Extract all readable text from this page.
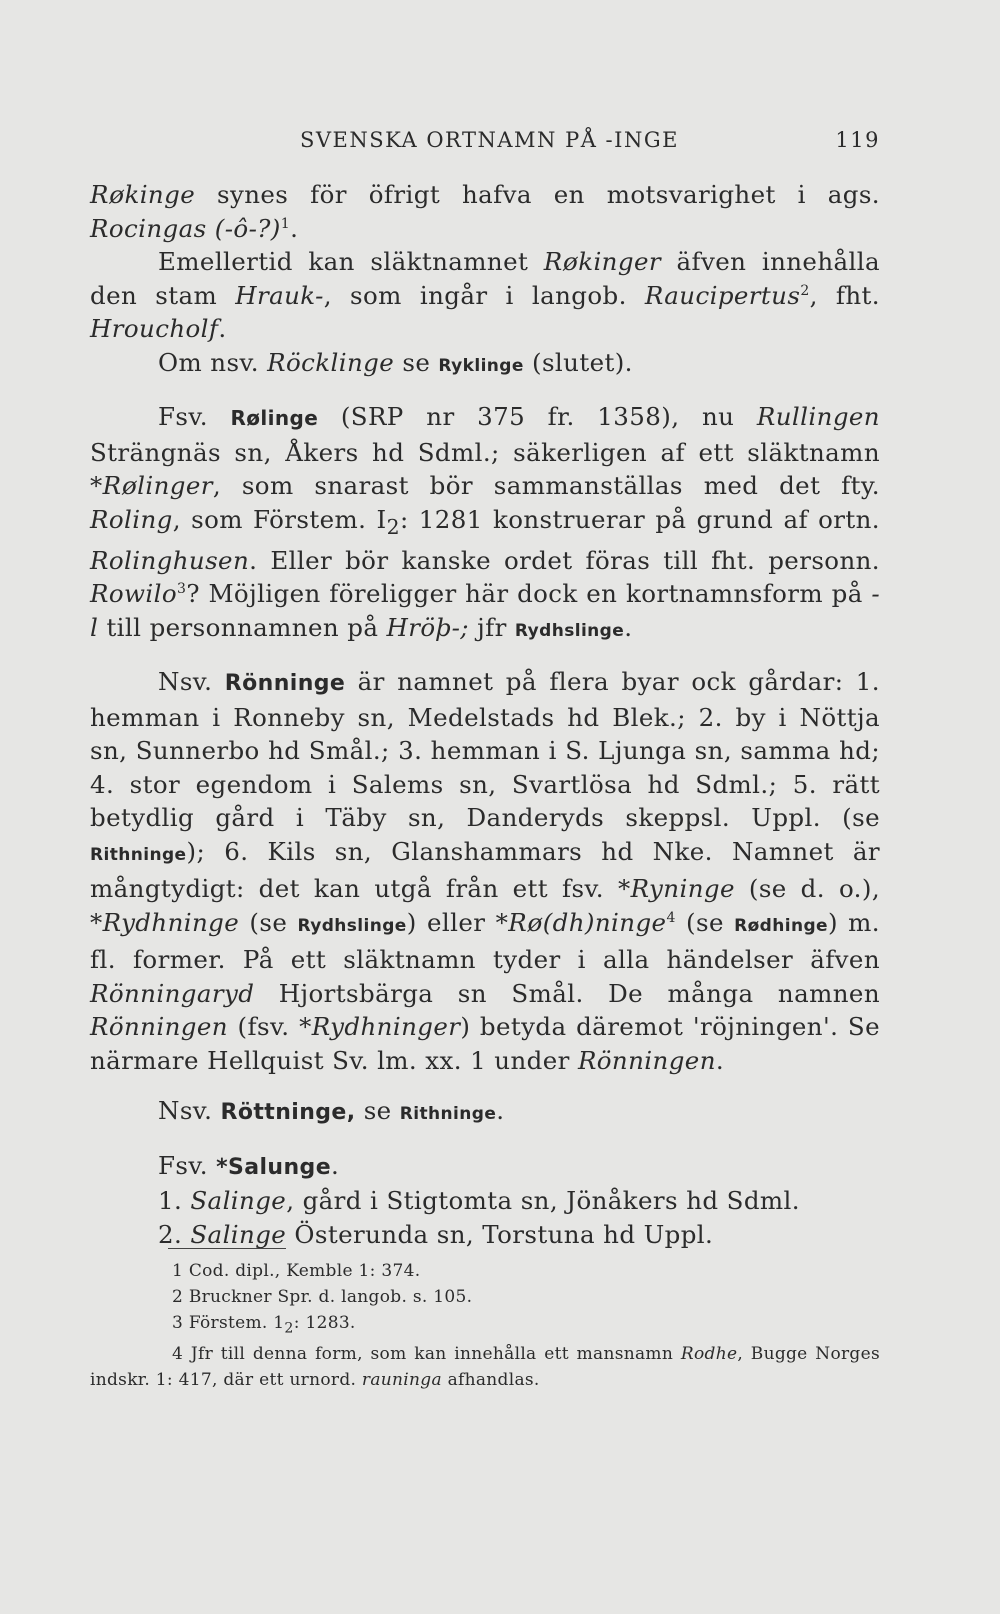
SVENSKA ORTNAMN PÅ -INGE	119

Røkinge synes för öfrigt hafva en motsvarighet i ags. Rocingas (-ô-?)$^1$.

Emellertid kan släktnamnet Røkinger äfven innehålla den stam Hrauk-, som ingår i langob. Raucipertus$^2$, fht. Hroucholf.

Om nsv. Röcklinge se Ryklinge (slutet).

Fsv. Rølinge (SRP nr 375 fr. 1358), nu Rullingen Strängnäs sn, Åkers hd Sdml.; säkerligen af ett släktnamn *Rølinger, som snarast bör sammanställas med det fty. Roling, som Förstem. $I_2$: 1281 konstruerar på grund af ortn. Rolinghusen. Eller bör kanske ordet föras till fht. personn. Rowilo$^3$? Möjligen föreligger här dock en kortnamnsform på -l till personnamnen på Hröþ-; jfr Rydhslinge.

Nsv. Rönninge är namnet på flera byar ock gårdar: 1. hemman i Ronneby sn, Medelstads hd Blek.; 2. by i Nöttja sn, Sunnerbo hd Smål.; 3. hemman i S. Ljunga sn, samma hd; 4. stor egendom i Salems sn, Svartlösa hd Sdml.; 5. rätt betydlig gård i Täby sn, Danderyds skeppsl. Uppl. (se Rithninge); 6. Kils sn, Glanshammars hd Nke. Namnet är mångtydigt: det kan utgå från ett fsv. *Ryninge (se d. o.), *Rydhninge (se Rydhslinge) eller *Rø(dh)ninge$^4$ (se Rødhinge) m. fl. former. På ett släktnamn tyder i alla händelser äfven Rönningaryd Hjortsbärga sn Smål. De många namnen Rönningen (fsv. *Rydhninger) betyda däremot 'röjningen'. Se närmare Hellquist Sv. lm. xx. 1 under Rönningen.

Nsv. Röttninge, se Rithninge.

Fsv. *Salunge.

1. Salinge, gård i Stigtomta sn, Jönåkers hd Sdml.
2. Salinge Österunda sn, Torstuna hd Uppl.
1 Cod. dipl., Kemble 1: 374.
2 Bruckner Spr. d. langob. s. 105.
3 Förstem. $1_2$: 1283.
4 Jfr till denna form, som kan innehålla ett mansnamn Rodhe, Bugge Norges indskr. 1: 417, där ett urnord. rauninga afhandlas.
